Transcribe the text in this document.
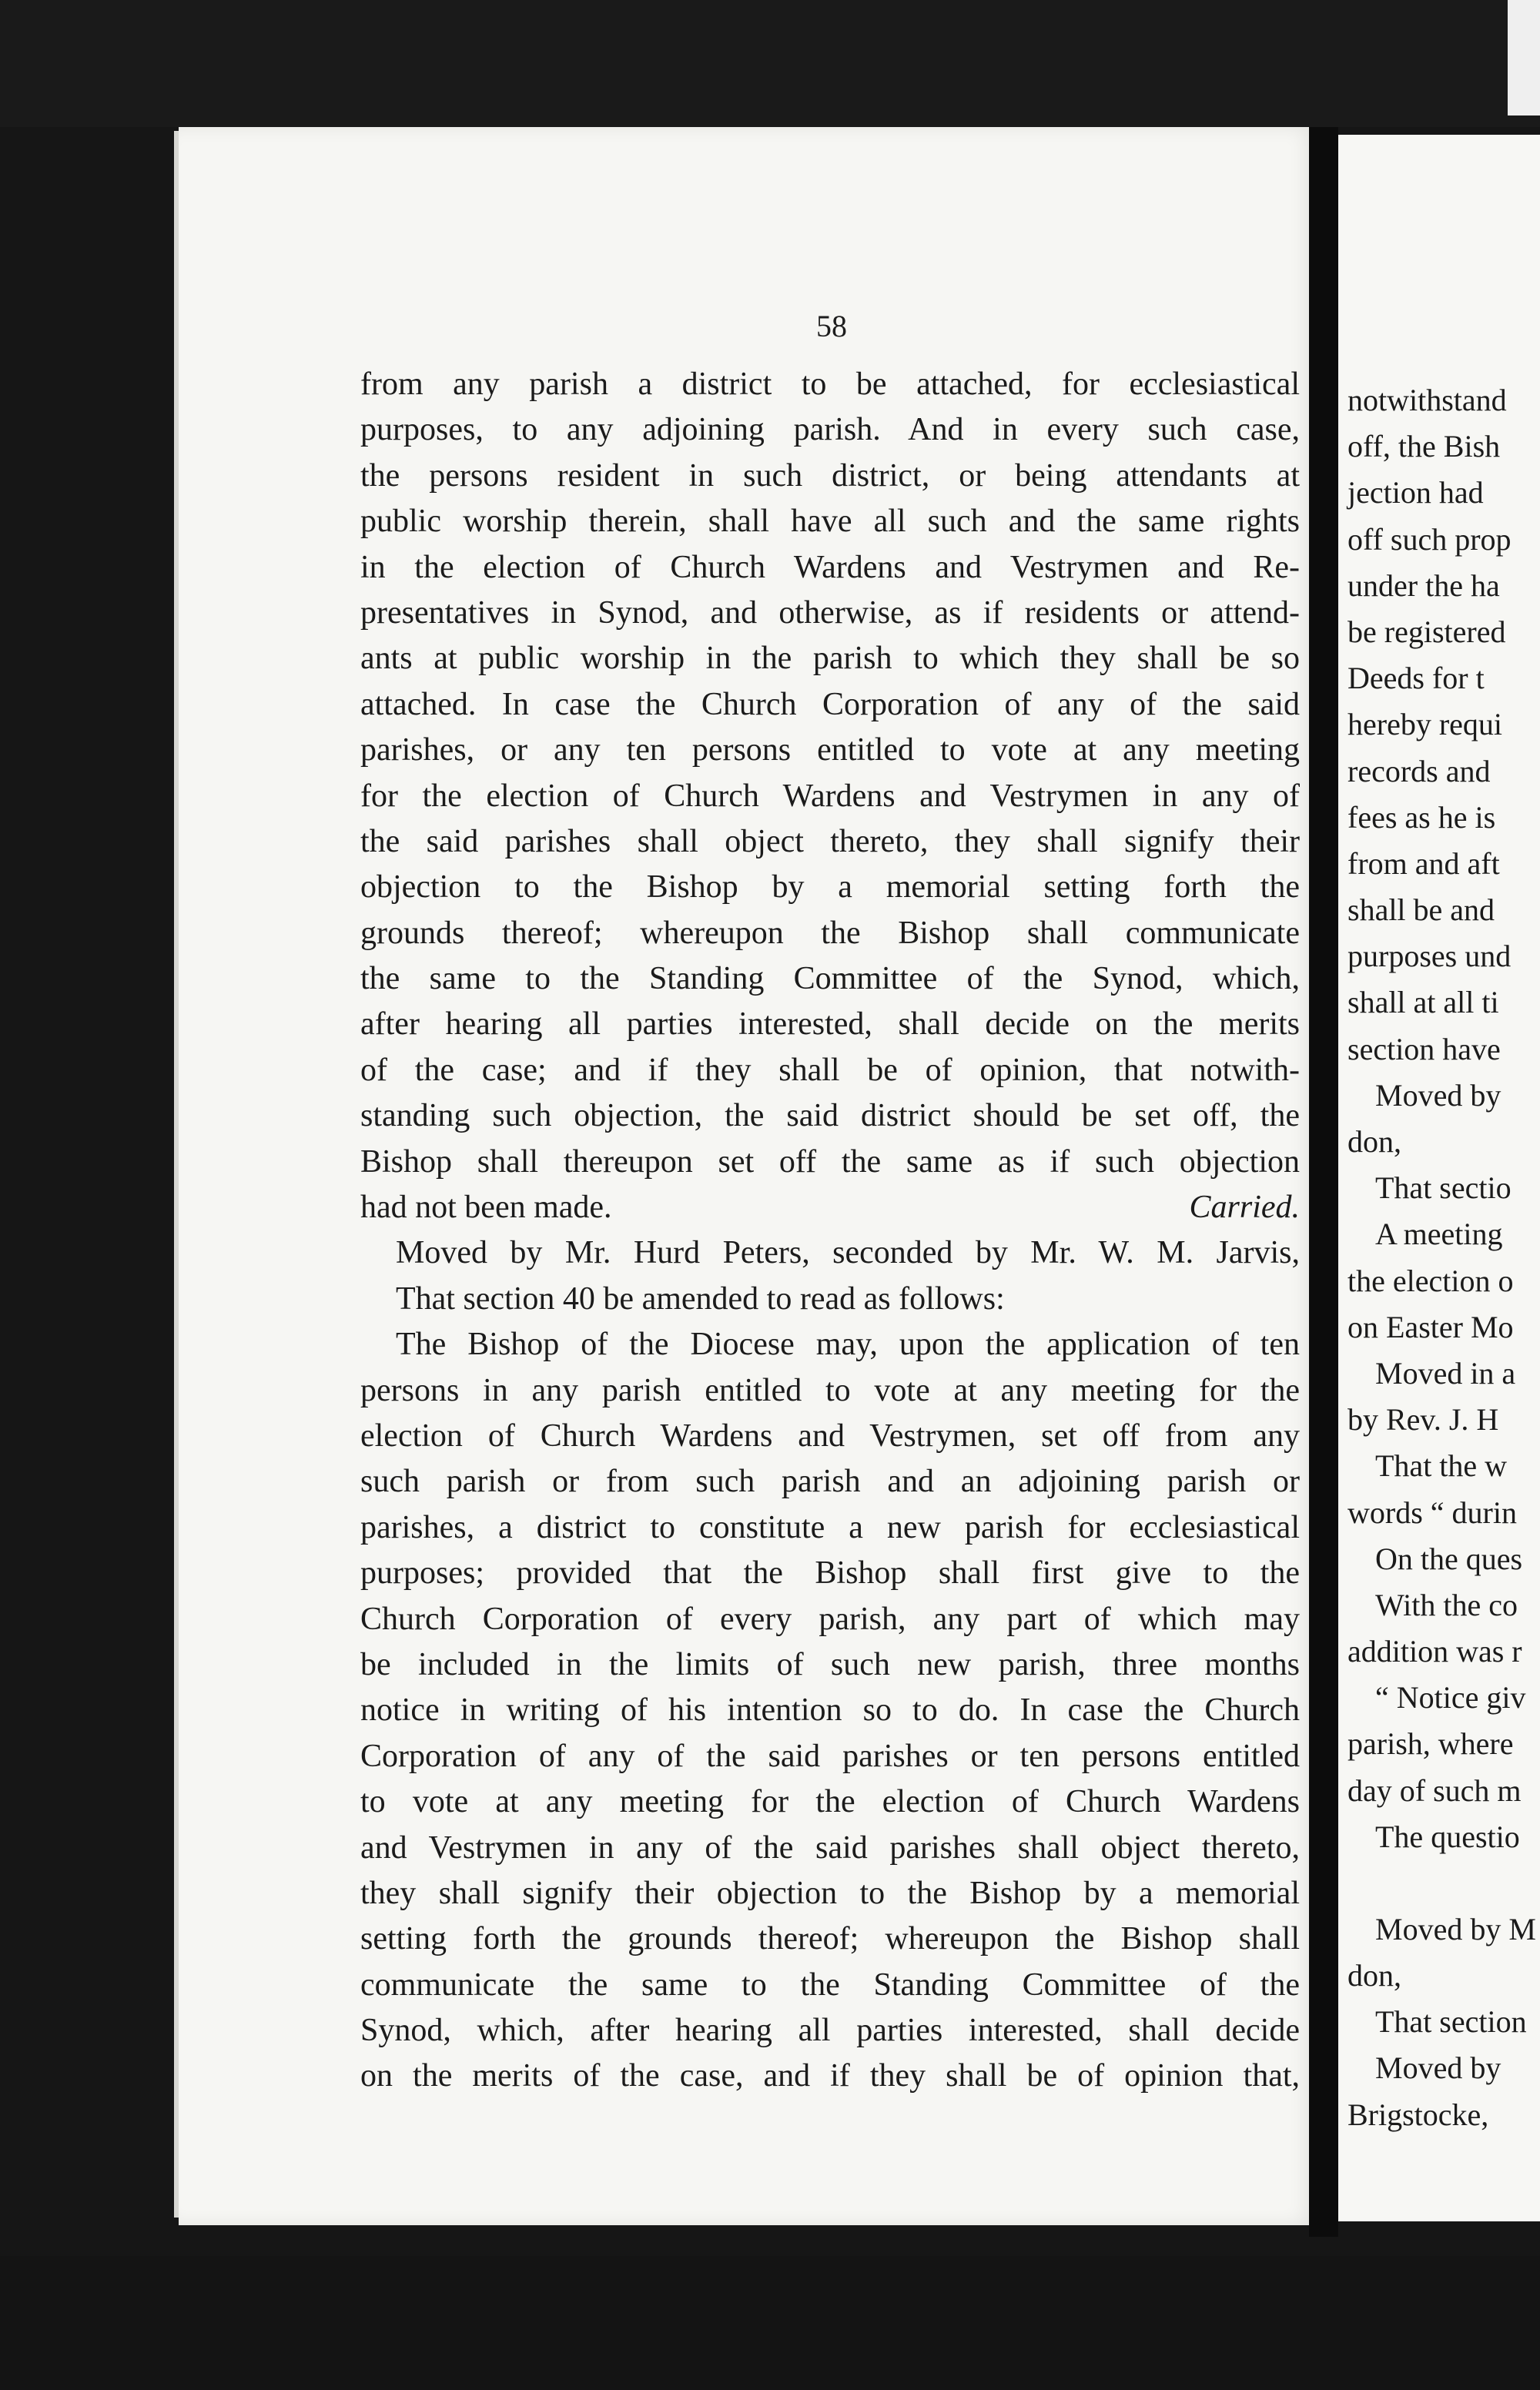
58
from any parish a district to be attached, for ecclesiastical
purposes, to any adjoining parish. And in every such case,
the persons resident in such district, or being attendants at
public worship therein, shall have all such and the same rights
in the election of Church Wardens and Vestrymen and Re-
presentatives in Synod, and otherwise, as if residents or attend-
ants at public worship in the parish to which they shall be so
attached. In case the Church Corporation of any of the said
parishes, or any ten persons entitled to vote at any meeting
for the election of Church Wardens and Vestrymen in any of
the said parishes shall object thereto, they shall signify their
objection to the Bishop by a memorial setting forth the
grounds thereof; whereupon the Bishop shall communicate
the same to the Standing Committee of the Synod, which,
after hearing all parties interested, shall decide on the merits
of the case; and if they shall be of opinion, that notwith-
standing such objection, the said district should be set off, the
Bishop shall thereupon set off the same as if such objection
had not been made.	Carried.
Moved by Mr. Hurd Peters, seconded by Mr. W. M. Jarvis,
That section 40 be amended to read as follows:
The Bishop of the Diocese may, upon the application of ten
persons in any parish entitled to vote at any meeting for the
election of Church Wardens and Vestrymen, set off from any
such parish or from such parish and an adjoining parish or
parishes, a district to constitute a new parish for ecclesiastical
purposes; provided that the Bishop shall first give to the
Church Corporation of every parish, any part of which may
be included in the limits of such new parish, three months
notice in writing of his intention so to do. In case the Church
Corporation of any of the said parishes or ten persons entitled
to vote at any meeting for the election of Church Wardens
and Vestrymen in any of the said parishes shall object thereto,
they shall signify their objection to the Bishop by a memorial
setting forth the grounds thereof; whereupon the Bishop shall
communicate the same to the Standing Committee of the
Synod, which, after hearing all parties interested, shall decide
on the merits of the case, and if they shall be of opinion that,
notwithstand
off, the Bish
jection had
off such prop
under the ha
be registered
Deeds for t
hereby requi
records and
fees as he is
from and aft
shall be and
purposes und
shall at all ti
section have
Moved by
don,
That sectio
A meeting
the election o
on Easter Mo
Moved in a
by Rev. J. H
That the w
words “ durin
On the ques
With the co
addition was r
“ Notice giv
parish, where
day of such m
The questio
Moved by M
don,
That section
Moved by
Brigstocke,
